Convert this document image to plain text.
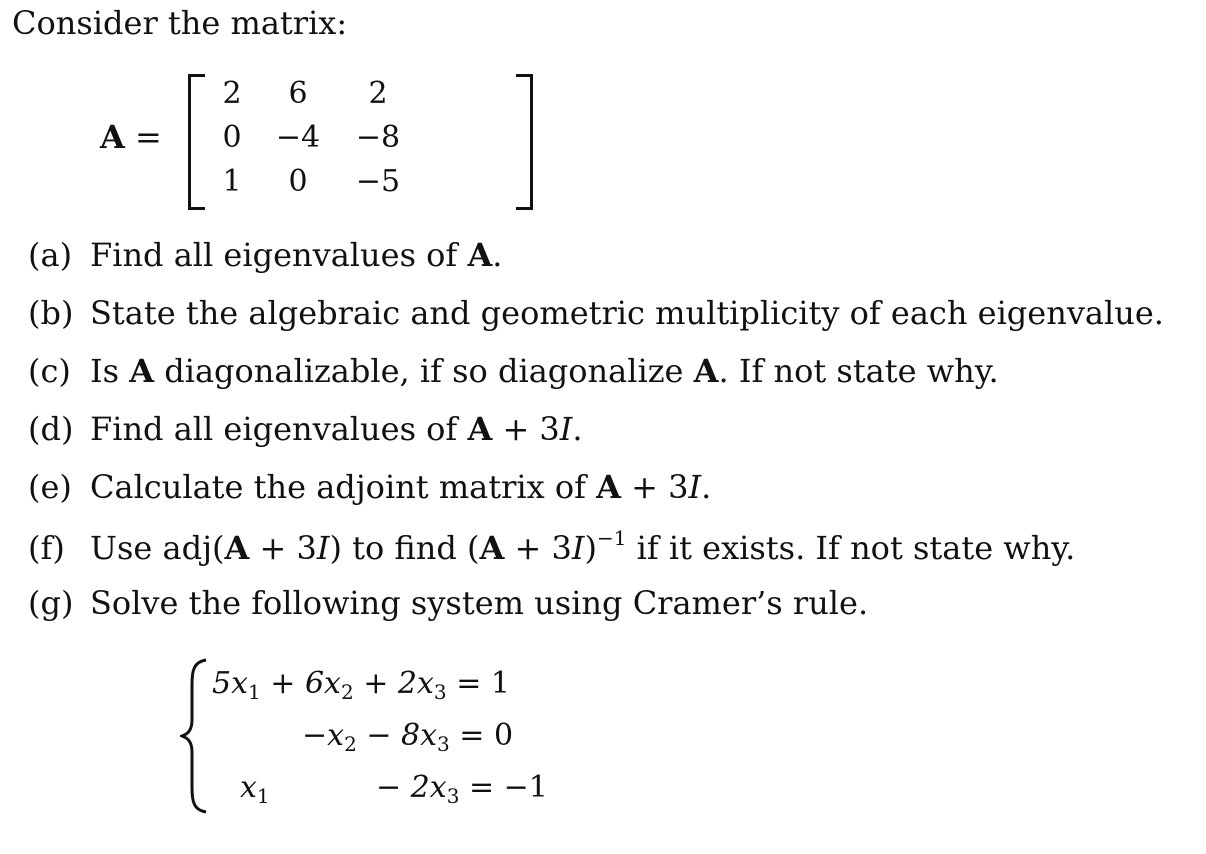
Consider the matrix:
A =
2	6	2
0	−4	−8
1	0	−5
(a) Find all eigenvalues of A.
(b) State the algebraic and geometric multiplicity of each eigenvalue.
(c) Is A diagonalizable, if so diagonalize A. If not state why.
(d) Find all eigenvalues of A + 3I.
(e) Calculate the adjoint matrix of A + 3I.
(f) Use adj(A + 3I) to find $(A + 3I)^{-1}$ if it exists. If not state why.
(g) Solve the following system using Cramer’s rule.
$5x_1 + 6x_2 + 2x_3 = 1$
$-x_2 - 8x_3 = 0$
$x_1$	− $2x_3 = -1$
